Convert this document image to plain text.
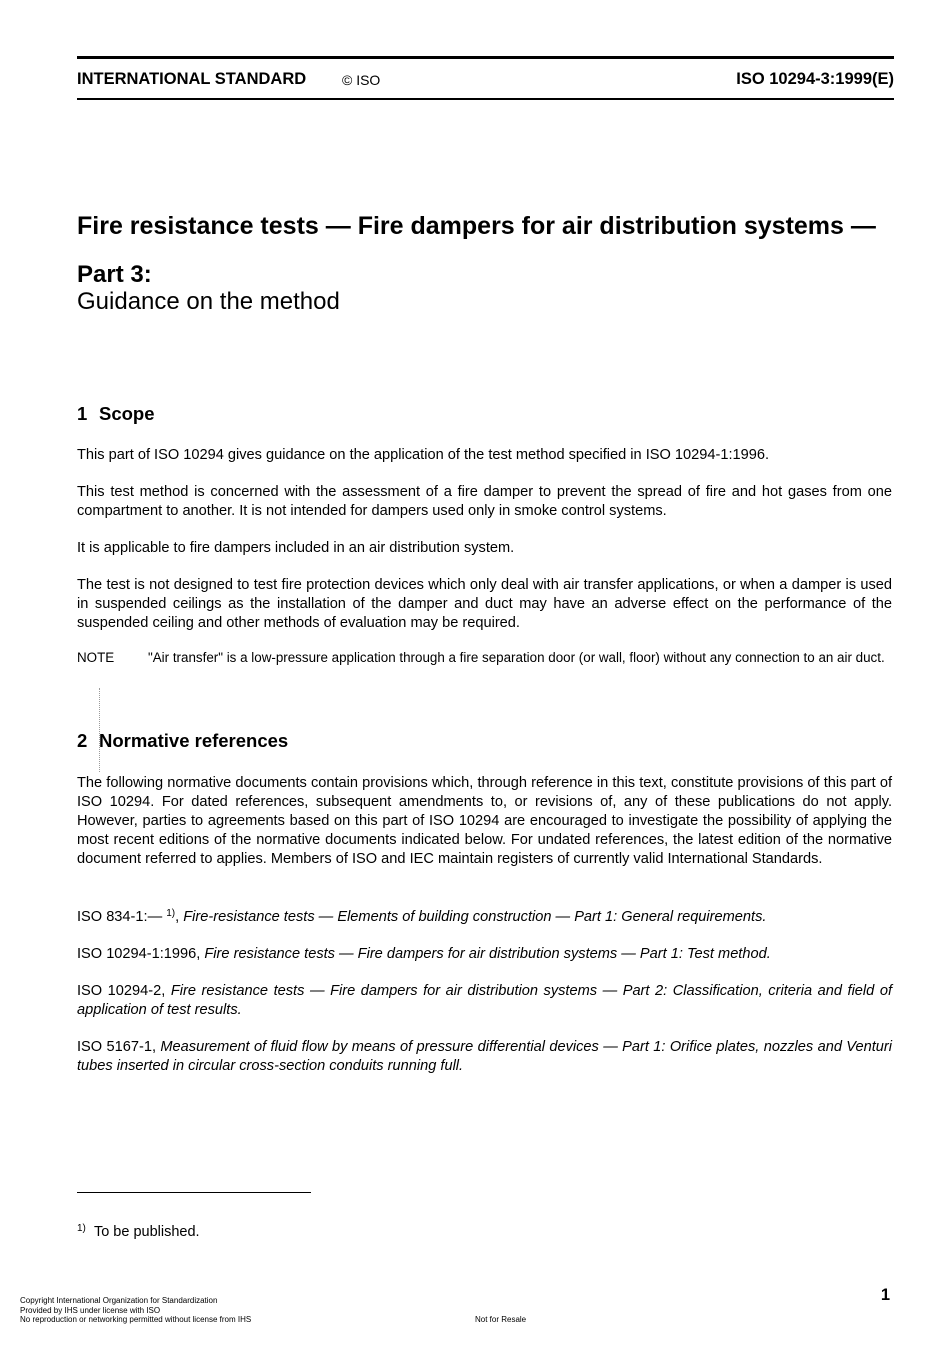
INTERNATIONAL STANDARD	© ISO	ISO 10294-3:1999(E)
Fire resistance tests — Fire dampers for air distribution systems —
Part 3:
Guidance on the method
1 Scope

This part of ISO 10294 gives guidance on the application of the test method specified in ISO 10294-1:1996.

This test method is concerned with the assessment of a fire damper to prevent the spread of fire and hot gases from one compartment to another. It is not intended for dampers used only in smoke control systems.

It is applicable to fire dampers included in an air distribution system.

The test is not designed to test fire protection devices which only deal with air transfer applications, or when a damper is used in suspended ceilings as the installation of the damper and duct may have an adverse effect on the performance of the suspended ceiling and other methods of evaluation may be required.

NOTE	"Air transfer" is a low-pressure application through a fire separation door (or wall, floor) without any connection to an air duct.

2 Normative references

The following normative documents contain provisions which, through reference in this text, constitute provisions of this part of ISO 10294. For dated references, subsequent amendments to, or revisions of, any of these publications do not apply. However, parties to agreements based on this part of ISO 10294 are encouraged to investigate the possibility of applying the most recent editions of the normative documents indicated below. For undated references, the latest edition of the normative document referred to applies. Members of ISO and IEC maintain registers of currently valid International Standards.

ISO 834-1:— $^{1)}$, Fire-resistance tests — Elements of building construction — Part 1: General requirements.

ISO 10294-1:1996, Fire resistance tests — Fire dampers for air distribution systems — Part 1: Test method.

ISO 10294-2, Fire resistance tests — Fire dampers for air distribution systems — Part 2: Classification, criteria and field of application of test results.

ISO 5167-1, Measurement of fluid flow by means of pressure differential devices — Part 1: Orifice plates, nozzles and Venturi tubes inserted in circular cross-section conduits running full.

$^{1)}$ To be published.
1
Copyright International Organization for Standardization
Provided by IHS under license with ISO
No reproduction or networking permitted without license from IHS	Not for Resale
